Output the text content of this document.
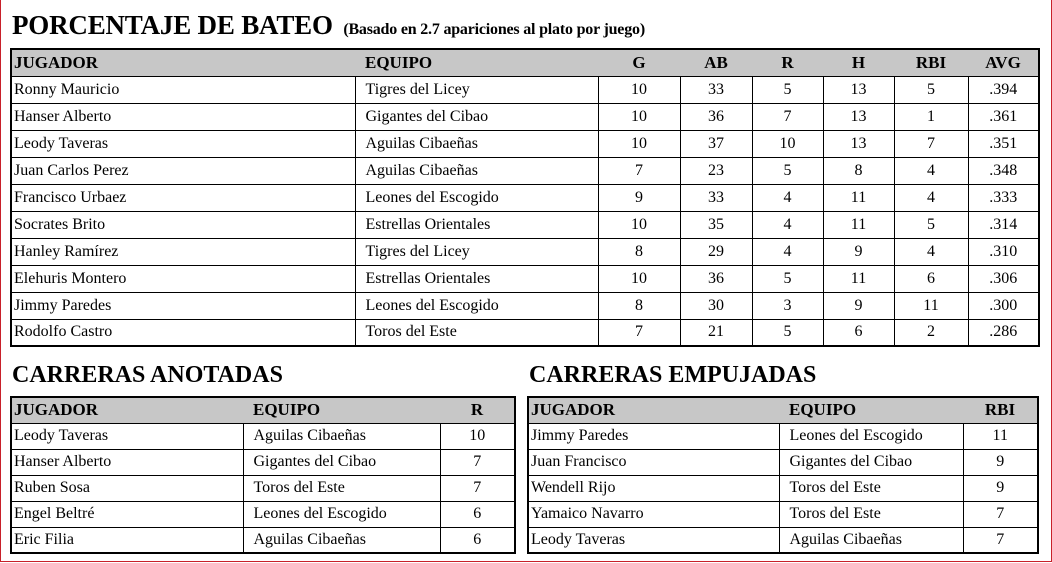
PORCENTAJE DE BATEO (Basado en 2.7 apariciones al plato por juego)
JUGADOR	EQUIPO	G	AB	R	H	RBI	AVG
Ronny Mauricio	Tigres del Licey	10	33	5	13	5	.394
Hanser Alberto	Gigantes del Cibao	10	36	7	13	1	.361
Leody Taveras	Aguilas Cibaeñas	10	37	10	13	7	.351
Juan Carlos Perez	Aguilas Cibaeñas	7	23	5	8	4	.348
Francisco Urbaez	Leones del Escogido	9	33	4	11	4	.333
Socrates Brito	Estrellas Orientales	10	35	4	11	5	.314
Hanley Ramírez	Tigres del Licey	8	29	4	9	4	.310
Elehuris Montero	Estrellas Orientales	10	36	5	11	6	.306
Jimmy Paredes	Leones del Escogido	8	30	3	9	11	.300
Rodolfo Castro	Toros del Este	7	21	5	6	2	.286
CARRERAS ANOTADAS
JUGADOR	EQUIPO	R
Leody Taveras	Aguilas Cibaeñas	10
Hanser Alberto	Gigantes del Cibao	7
Ruben Sosa	Toros del Este	7
Engel Beltré	Leones del Escogido	6
Eric Filia	Aguilas Cibaeñas	6
CARRERAS EMPUJADAS
JUGADOR	EQUIPO	RBI
Jimmy Paredes	Leones del Escogido	11
Juan Francisco	Gigantes del Cibao	9
Wendell Rijo	Toros del Este	9
Yamaico Navarro	Toros del Este	7
Leody Taveras	Aguilas Cibaeñas	7
